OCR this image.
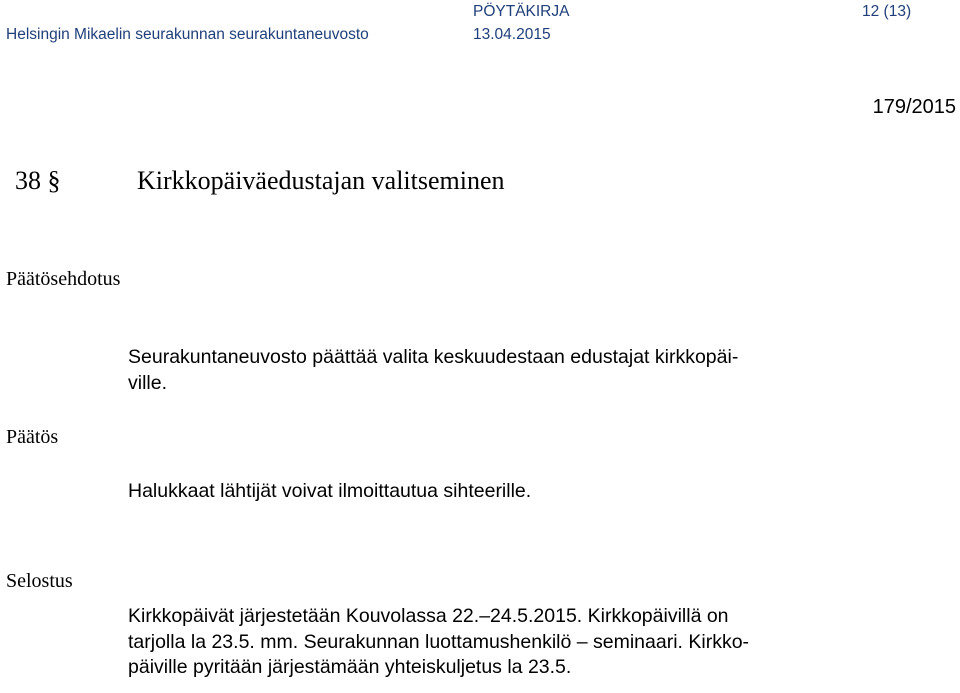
Helsingin Mikaelin seurakunnan seurakuntaneuvosto
PÖYTÄKIRJA
13.04.2015
12 (13)
179/2015
38 §	Kirkkopäiväedustajan valitseminen
Päätösehdotus
Seurakuntaneuvosto päättää valita keskuudestaan edustajat kirkkopäi-
ville.
Päätös
Halukkaat lähtijät voivat ilmoittautua sihteerille.
Selostus
Kirkkopäivät järjestetään Kouvolassa 22.–24.5.2015. Kirkkopäivillä on
tarjolla la 23.5. mm. Seurakunnan luottamushenkilö – seminaari. Kirkko-
päiville pyritään järjestämään yhteiskuljetus la 23.5.
